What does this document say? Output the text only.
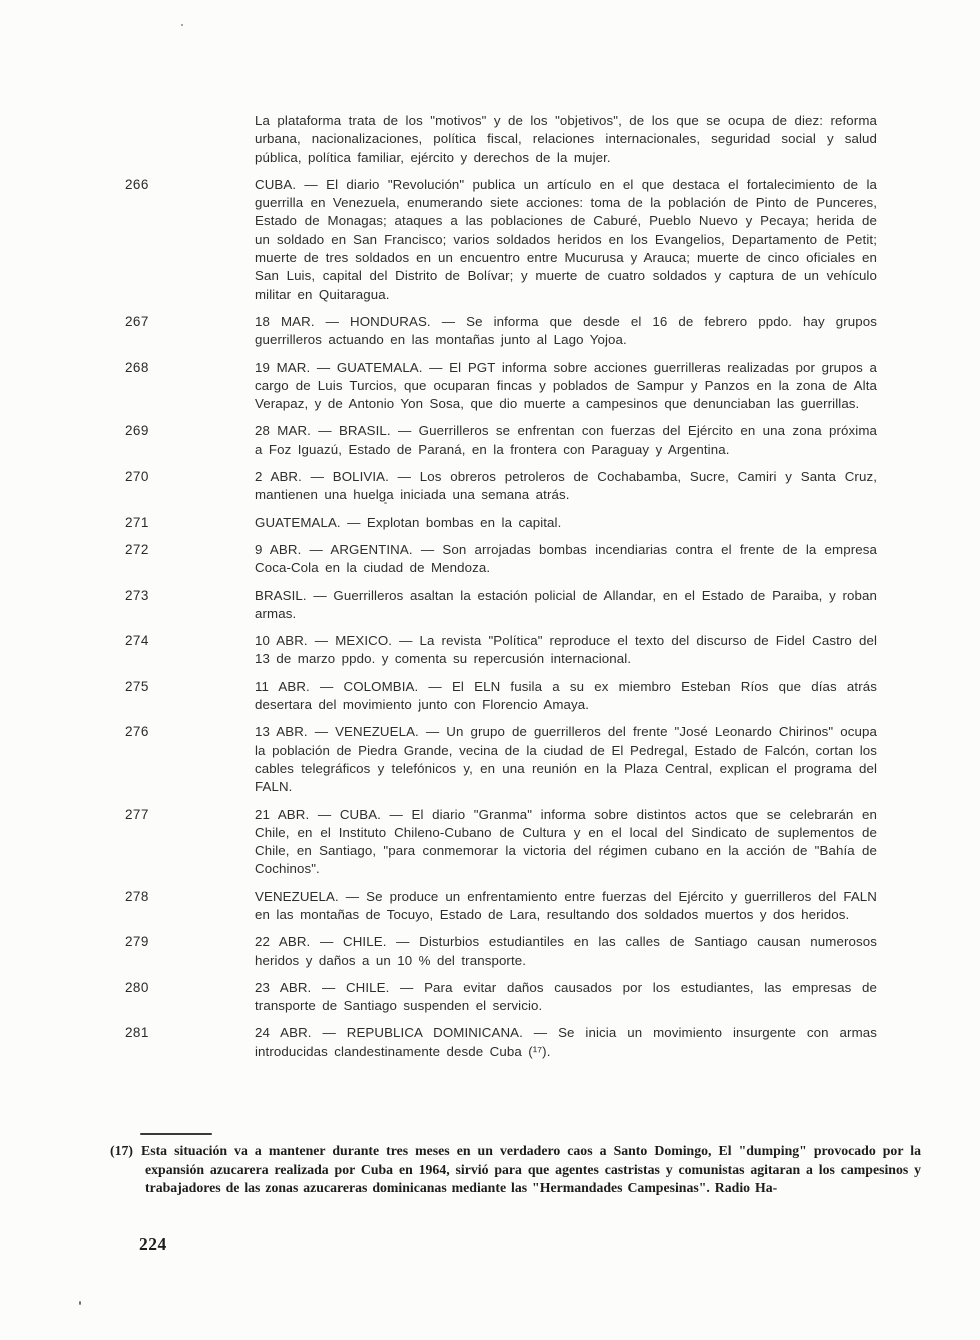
La plataforma trata de los "motivos" y de los "objetivos", de los que se ocupa de diez: reforma urbana, nacionalizaciones, política fiscal, relaciones internacionales, seguridad social y salud pública, política familiar, ejército y derechos de la mujer.
266	CUBA. — El diario "Revolución" publica un artículo en el que destaca el fortalecimiento de la guerrilla en Venezuela, enumerando siete acciones: toma de la población de Pinto de Punceres, Estado de Monagas; ataques a las poblaciones de Caburé, Pueblo Nuevo y Pecaya; herida de un soldado en San Francisco; varios soldados heridos en los Evangelios, Departamento de Petit; muerte de tres soldados en un encuentro entre Mucurusa y Arauca; muerte de cinco oficiales en San Luis, capital del Distrito de Bolívar; y muerte de cuatro soldados y captura de un vehículo militar en Quitaragua.
267	18 MAR. — HONDURAS. — Se informa que desde el 16 de febrero ppdo. hay grupos guerrilleros actuando en las montañas junto al Lago Yojoa.
268	19 MAR. — GUATEMALA. — El PGT informa sobre acciones guerrilleras realizadas por grupos a cargo de Luis Turcios, que ocuparan fincas y poblados de Sampur y Panzos en la zona de Alta Verapaz, y de Antonio Yon Sosa, que dio muerte a campesinos que denunciaban las guerrillas.
269	28 MAR. — BRASIL. — Guerrilleros se enfrentan con fuerzas del Ejército en una zona próxima a Foz Iguazú, Estado de Paraná, en la frontera con Paraguay y Argentina.
270	2 ABR. — BOLIVIA. — Los obreros petroleros de Cochabamba, Sucre, Camiri y Santa Cruz, mantienen una huelga iniciada una semana atrás.
271	GUATEMALA. — Explotan bombas en la capital.
272	9 ABR. — ARGENTINA. — Son arrojadas bombas incendiarias contra el frente de la empresa Coca-Cola en la ciudad de Mendoza.
273	BRASIL. — Guerrilleros asaltan la estación policial de Allandar, en el Estado de Paraiba, y roban armas.
274	10 ABR. — MEXICO. — La revista "Política" reproduce el texto del discurso de Fidel Castro del 13 de marzo ppdo. y comenta su repercusión internacional.
275	11 ABR. — COLOMBIA. — El ELN fusila a su ex miembro Esteban Ríos que días atrás desertara del movimiento junto con Florencio Amaya.
276	13 ABR. — VENEZUELA. — Un grupo de guerrilleros del frente "José Leonardo Chirinos" ocupa la población de Piedra Grande, vecina de la ciudad de El Pedregal, Estado de Falcón, cortan los cables telegráficos y telefónicos y, en una reunión en la Plaza Central, explican el programa del FALN.
277	21 ABR. — CUBA. — El diario "Granma" informa sobre distintos actos que se celebrarán en Chile, en el Instituto Chileno-Cubano de Cultura y en el local del Sindicato de suplementos de Chile, en Santiago, "para conmemorar la victoria del régimen cubano en la acción de "Bahía de Cochinos".
278	VENEZUELA. — Se produce un enfrentamiento entre fuerzas del Ejército y guerrilleros del FALN en las montañas de Tocuyo, Estado de Lara, resultando dos soldados muertos y dos heridos.
279	22 ABR. — CHILE. — Disturbios estudiantiles en las calles de Santiago causan numerosos heridos y daños a un 10 % del transporte.
280	23 ABR. — CHILE. — Para evitar daños causados por los estudiantes, las empresas de transporte de Santiago suspenden el servicio.
281	24 ABR. — REPUBLICA DOMINICANA. — Se inicia un movimiento insurgente con armas introducidas clandestinamente desde Cuba (¹⁷).
(17) Esta situación va a mantener durante tres meses en un verdadero caos a Santo Domingo, El "dumping" provocado por la expansión azucarera realizada por Cuba en 1964, sirvió para que agentes castristas y comunistas agitaran a los campesinos y trabajadores de las zonas azucareras dominicanas mediante las "Hermandades Campesinas". Radio Ha-
224
